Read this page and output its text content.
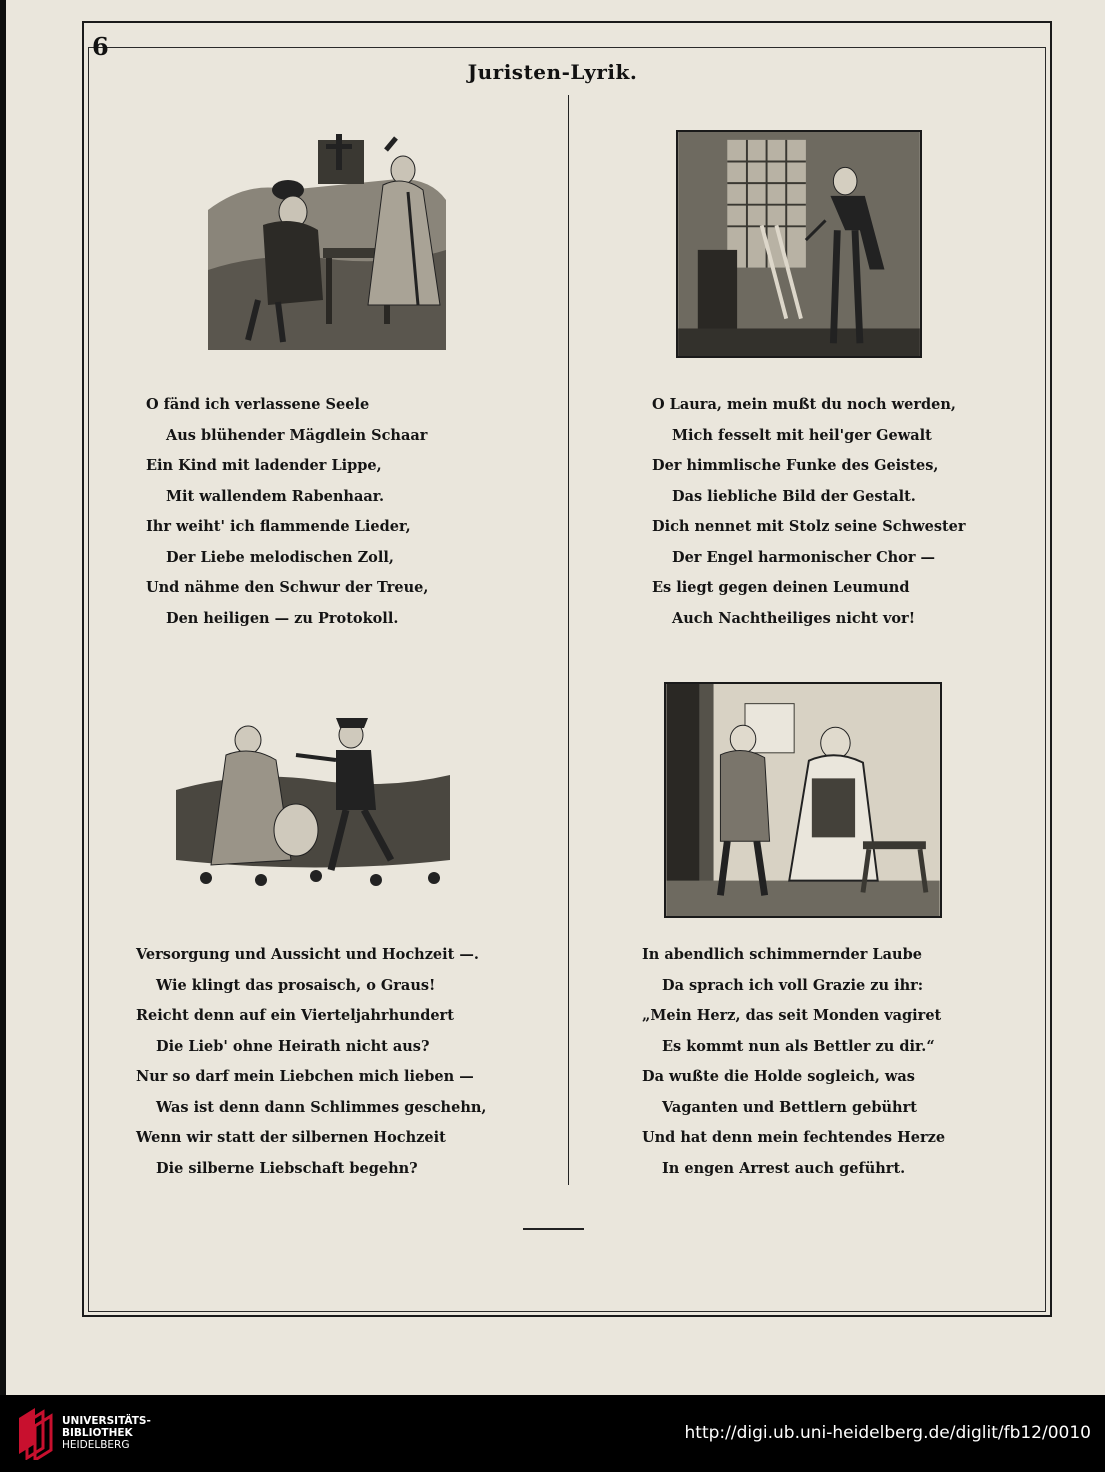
6
Juristen-Lyrik.
O fänd ich verlassene Seele
Aus blühender Mägdlein Schaar
Ein Kind mit ladender Lippe,
Mit wallendem Rabenhaar.
Ihr weiht' ich flammende Lieder,
Der Liebe melodischen Zoll,
Und nähme den Schwur der Treue,
Den heiligen — zu Protokoll.
O Laura, mein mußt du noch werden,
Mich fesselt mit heil'ger Gewalt
Der himmlische Funke des Geistes,
Das liebliche Bild der Gestalt.
Dich nennet mit Stolz seine Schwester
Der Engel harmonischer Chor —
Es liegt gegen deinen Leumund
Auch Nachtheiliges nicht vor!
Versorgung und Aussicht und Hochzeit —.
Wie klingt das prosaisch, o Graus!
Reicht denn auf ein Vierteljahrhundert
Die Lieb' ohne Heirath nicht aus?
Nur so darf mein Liebchen mich lieben —
Was ist denn dann Schlimmes geschehn,
Wenn wir statt der silbernen Hochzeit
Die silberne Liebschaft begehn?
In abendlich schimmernder Laube
Da sprach ich voll Grazie zu ihr:
„Mein Herz, das seit Monden vagiret
Es kommt nun als Bettler zu dir.“
Da wußte die Holde sogleich, was
Vaganten und Bettlern gebührt
Und hat denn mein fechtendes Herze
In engen Arrest auch geführt.
UNIVERSITÄTS-
BIBLIOTHEK
HEIDELBERG
http://digi.ub.uni-heidelberg.de/diglit/fb12/0010
